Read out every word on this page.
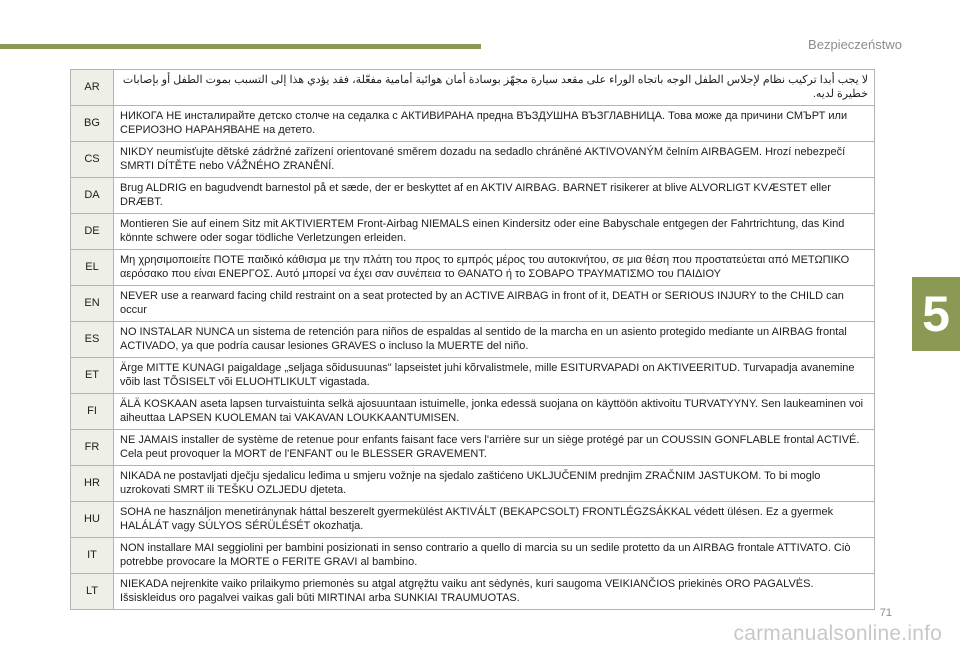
Bezpieczeństwo
AR	لا يجب أبدا تركيب نظام لإجلاس الطفل الوجه باتجاه الوراء على مقعد سيارة مجهّز بوسادة أمان هوائية أمامية مفعّلة، فقد يؤدي هذا إلى التسبب بموت الطفل أو بإصابات خطيرة لديه.
BG	НИКОГА НЕ инсталирайте детско столче на седалка с АКТИВИРАНА предна ВЪЗДУШНА ВЪЗГЛАВНИЦА. Това може да причини СМЪРТ или СЕРИОЗНО НАРАНЯВАНЕ на детето.
CS	NIKDY neumisťujte dětské zádržné zařízení orientované směrem dozadu na sedadlo chráněné AKTIVOVANÝM čelním AIRBAGEM. Hrozí nebezpečí SMRTI DÍTĚTE nebo VÁŽNÉHO ZRANĚNÍ.
DA	Brug ALDRIG en bagudvendt barnestol på et sæde, der er beskyttet af en AKTIV AIRBAG. BARNET risikerer at blive ALVORLIGT KVÆSTET eller DRÆBT.
DE	Montieren Sie auf einem Sitz mit AKTIVIERTEM Front-Airbag NIEMALS einen Kindersitz oder eine Babyschale entgegen der Fahrtrichtung, das Kind könnte schwere oder sogar tödliche Verletzungen erleiden.
EL	Μη χρησιμοποιείτε ΠΟΤΕ παιδικό κάθισμα με την πλάτη του προς το εμπρός μέρος του αυτοκινήτου, σε μια θέση που προστατεύεται από ΜΕΤΩΠΙΚΟ αερόσακο που είναι ΕΝΕΡΓΟΣ. Αυτό μπορεί να έχει σαν συνέπεια το ΘΑΝΑΤΟ ή το ΣΟΒΑΡΟ ΤΡΑΥΜΑΤΙΣΜΟ του ΠΑΙΔΙΟΥ
EN	NEVER use a rearward facing child restraint on a seat protected by an ACTIVE AIRBAG in front of it, DEATH or SERIOUS INJURY to the CHILD can occur
ES	NO INSTALAR NUNCA un sistema de retención para niños de espaldas al sentido de la marcha en un asiento protegido mediante un AIRBAG frontal ACTIVADO, ya que podría causar lesiones GRAVES o incluso la MUERTE del niño.
ET	Ärge MITTE KUNAGI paigaldage „seljaga sõidusuunas" lapseistet juhi kõrvalistmele, mille ESITURVAPADI on AKTIVEERITUD. Turvapadja avanemine võib last TÕSISELT või ELUOHTLIKULT vigastada.
FI	ÄLÄ KOSKAAN aseta lapsen turvaistuinta selkä ajosuuntaan istuimelle, jonka edessä suojana on käyttöön aktivoitu TURVATYYNY. Sen laukeaminen voi aiheuttaa LAPSEN KUOLEMAN tai VAKAVAN LOUKKAANTUMISEN.
FR	NE JAMAIS installer de système de retenue pour enfants faisant face vers l'arrière sur un siège protégé par un COUSSIN GONFLABLE frontal ACTIVÉ. Cela peut provoquer la MORT de l'ENFANT ou le BLESSER GRAVEMENT.
HR	NIKADA ne postavljati dječju sjedalicu leđima u smjeru vožnje na sjedalo zaštićeno UKLJUČENIM prednjim ZRAČNIM JASTUKOM. To bi moglo uzrokovati SMRT ili TEŠKU OZLJEDU djeteta.
HU	SOHA ne használjon menetiránynak háttal beszerelt gyermekülést AKTIVÁLT (BEKAPCSOLT) FRONTLÉGZSÁKKAL védett ülésen. Ez a gyermek HALÁLÁT vagy SÚLYOS SÉRÜLÉSÉT okozhatja.
IT	NON installare MAI seggiolini per bambini posizionati in senso contrario a quello di marcia su un sedile protetto da un AIRBAG frontale ATTIVATO. Ciò potrebbe provocare la MORTE o FERITE GRAVI al bambino.
LT	NIEKADA nejrenkite vaiko prilaikymo priemonės su atgal atgręžtu vaiku ant sėdynės, kuri saugoma VEIKIANČIOS priekinės ORO PAGALVĖS. Išsiskleidus oro pagalvei vaikas gali būti MIRTINAI arba SUNKIAI TRAUMUOTAS.
5
71
carmanualsonline.info
